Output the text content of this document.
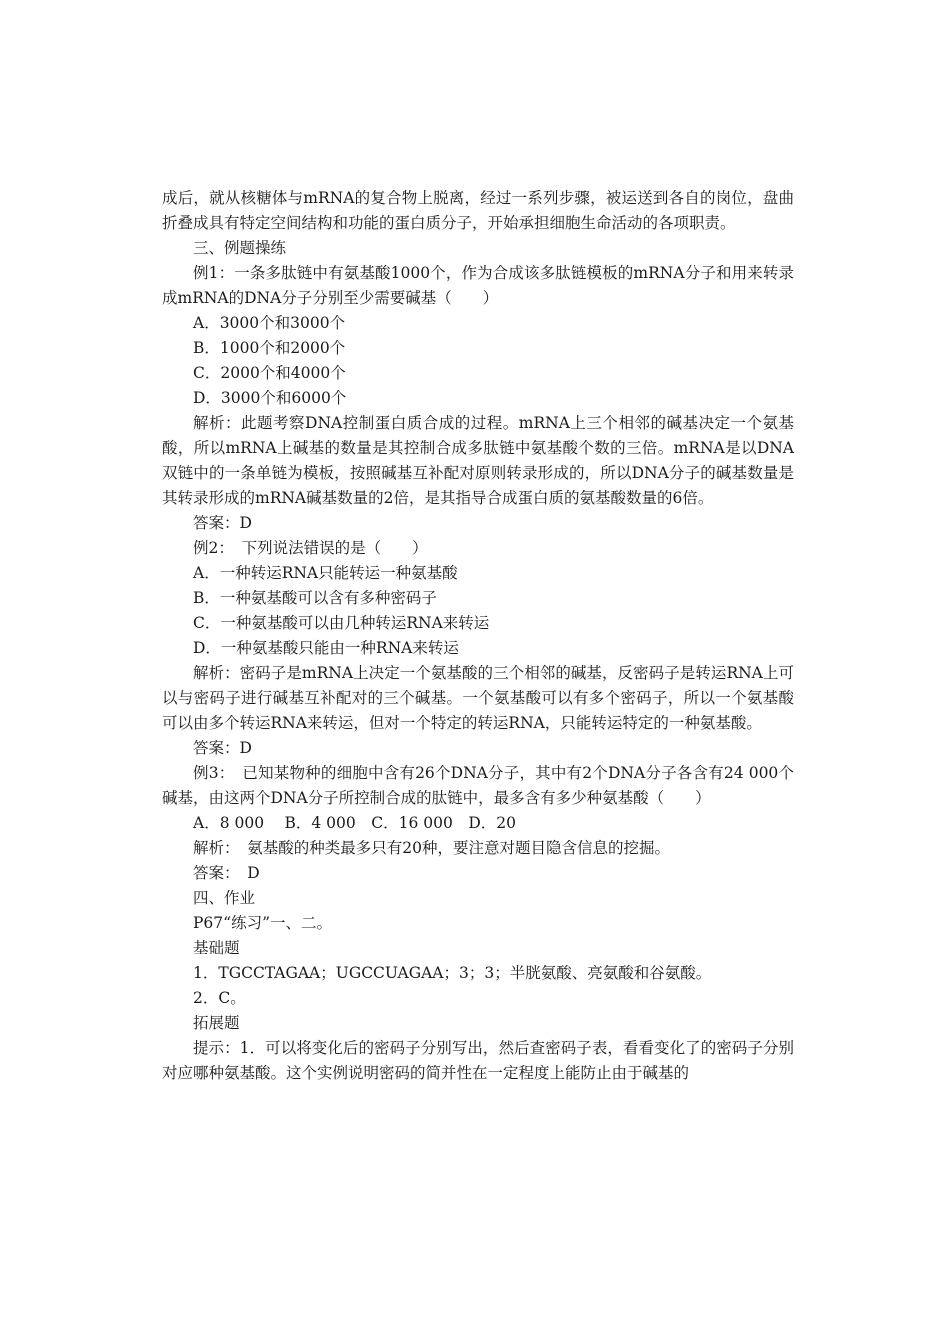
成后，就从核糖体与mRNA的复合物上脱离，经过一系列步骤，被运送到各自的岗位，盘曲折叠成具有特定空间结构和功能的蛋白质分子，开始承担细胞生命活动的各项职责。

三、例题操练

例1：一条多肽链中有氨基酸1000个，作为合成该多肽链模板的mRNA分子和用来转录成mRNA的DNA分子分别至少需要碱基（　　）

A．3000个和3000个

B．1000个和2000个

C．2000个和4000个

D．3000个和6000个

解析：此题考察DNA控制蛋白质合成的过程。mRNA上三个相邻的碱基决定一个氨基酸，所以mRNA上碱基的数量是其控制合成多肽链中氨基酸个数的三倍。mRNA是以DNA双链中的一条单链为模板，按照碱基互补配对原则转录形成的，所以DNA分子的碱基数量是其转录形成的mRNA碱基数量的2倍，是其指导合成蛋白质的氨基酸数量的6倍。

答案：D

例2：　下列说法错误的是（　　）

A．一种转运RNA只能转运一种氨基酸

B．一种氨基酸可以含有多种密码子

C．一种氨基酸可以由几种转运RNA来转运

D．一种氨基酸只能由一种RNA来转运

解析：密码子是mRNA上决定一个氨基酸的三个相邻的碱基，反密码子是转运RNA上可以与密码子进行碱基互补配对的三个碱基。一个氨基酸可以有多个密码子，所以一个氨基酸可以由多个转运RNA来转运，但对一个特定的转运RNA，只能转运特定的一种氨基酸。

答案：D

例3：　已知某物种的细胞中含有26个DNA分子，其中有2个DNA分子各含有24 000个碱基，由这两个DNA分子所控制合成的肽链中，最多含有多少种氨基酸（　　）

A．8 000　 B．4 000　C．16 000　D．20

解析：　氨基酸的种类最多只有20种，要注意对题目隐含信息的挖掘。

答案：　D

四、作业

P67“练习”一、二。

基础题

1．TGCCTAGAA；UGCCUAGAA；3；3；半胱氨酸、亮氨酸和谷氨酸。

2．C。

拓展题

提示：1．可以将变化后的密码子分别写出，然后查密码子表，看看变化了的密码子分别对应哪种氨基酸。这个实例说明密码的简并性在一定程度上能防止由于碱基的
